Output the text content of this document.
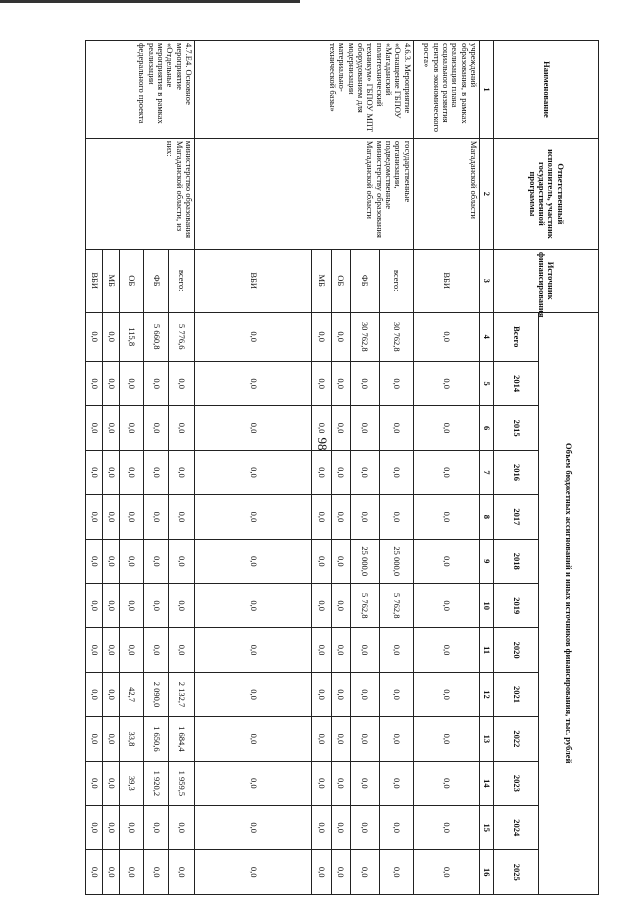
98
Наименование	Ответственный исполнитель, участник государственной программы	Источник финансирования	Объем бюджетных ассигнований и иных источников финансирования, тыс. рублей												
			Всего	2014	2015	2016	2017	2018	2019	2020	2021	2022	2023	2024	2025
1	2	3	4	5	6	7	8	9	10	11	12	13	14	15	16
учреждений образования, в рамках реализации плана социального развития центров экономического роста»	Магаданской области	ВБИ	0,0	0,0	0,0	0,0	0,0	0,0	0,0	0,0	0,0	0,0	0,0	0,0	0,0
4.6.3. Мероприятие «Оснащение ГБПОУ «Магаданский политехнический техникум» ГБПОУ МПТ оборудованием для модернизации материально-технической базы»	государственные организации, подведомственные министерству образования Магаданской области	всего:	30 762,8	0,0	0,0	0,0	0,0	25 000,0	5 762,8	0,0	0,0	0,0	0,0	0,0	0,0
		ФБ	30 762,8	0,0	0,0	0,0	0,0	25 000,0	5 762,8	0,0	0,0	0,0	0,0	0,0	0,0
		ОБ	0,0	0,0	0,0	0,0	0,0	0,0	0,0	0,0	0,0	0,0	0,0	0,0	0,0
		МБ	0,0	0,0	0,0	0,0	0,0	0,0	0,0	0,0	0,0	0,0	0,0	0,0	0,0
		ВБИ	0,0	0,0	0,0	0,0	0,0	0,0	0,0	0,0	0,0	0,0	0,0	0,0	0,0
4.7.E4. Основное мероприятие «Отдельные мероприятия в рамках реализации федерального проекта	министерство образования Магаданской области, из них:	всего:	5 776,6	0,0	0,0	0,0	0,0	0,0	0,0	0,0	2 132,7	1 684,4	1 959,5	0,0	0,0
		ФБ	5 660,8	0,0	0,0	0,0	0,0	0,0	0,0	0,0	2 090,0	1 650,6	1 920,2	0,0	0,0
		ОБ	115,8	0,0	0,0	0,0	0,0	0,0	0,0	0,0	42,7	33,8	39,3	0,0	0,0
		МБ	0,0	0,0	0,0	0,0	0,0	0,0	0,0	0,0	0,0	0,0	0,0	0,0	0,0
		ВБИ	0,0	0,0	0,0	0,0	0,0	0,0	0,0	0,0	0,0	0,0	0,0	0,0	0,0
